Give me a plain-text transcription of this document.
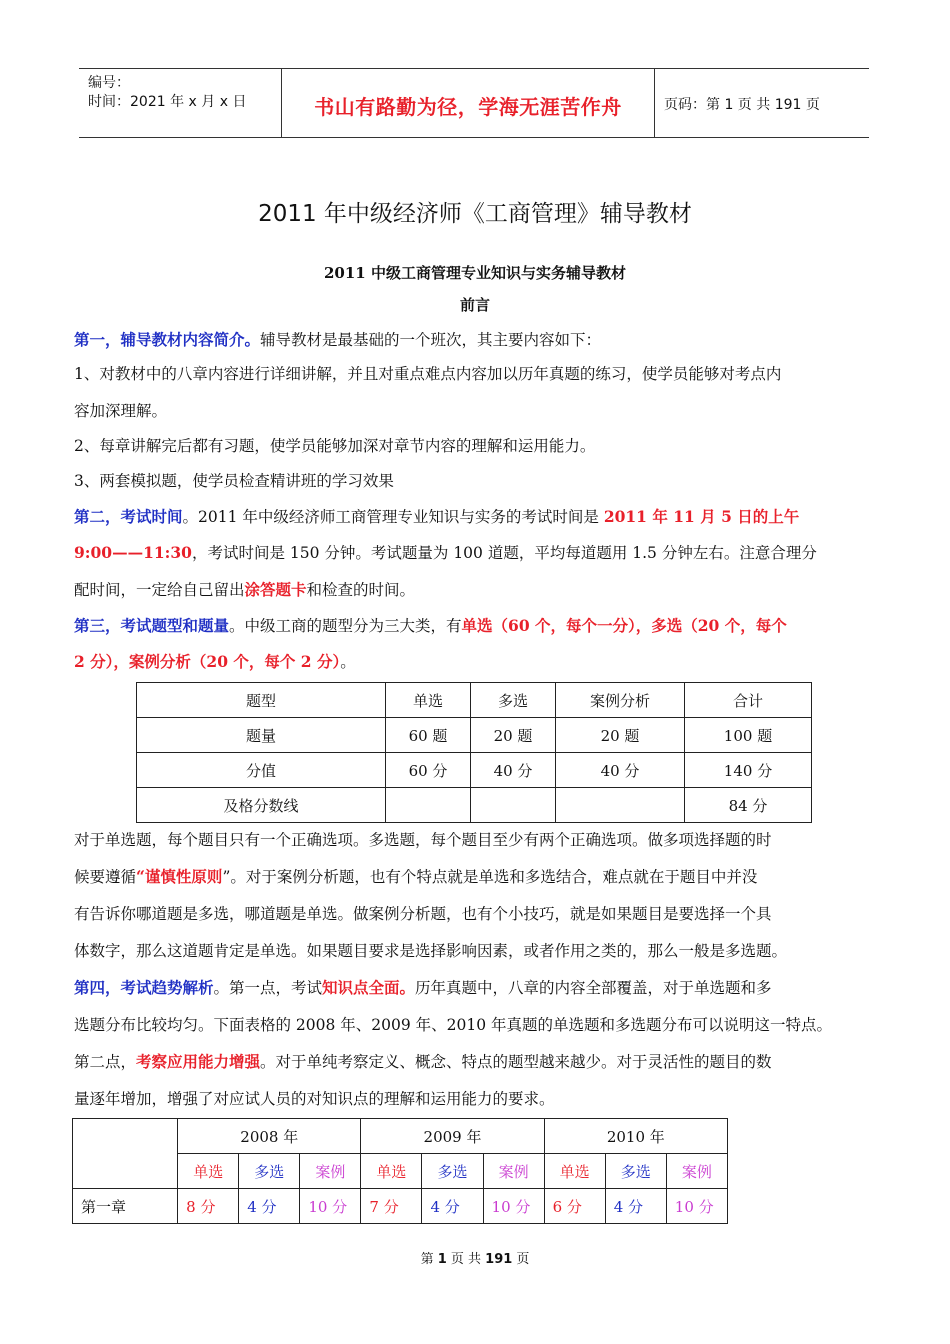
编号：
时间：2021 年 x 月 x 日	书山有路勤为径，学海无涯苦作舟	页码：第 1 页 共 191 页
2011 年中级经济师《工商管理》辅导教材
2011 中级工商管理专业知识与实务辅导教材
前言
第一，辅导教材内容简介。辅导教材是最基础的一个班次，其主要内容如下：
1、对教材中的八章内容进行详细讲解，并且对重点难点内容加以历年真题的练习，使学员能够对考点内
容加深理解。
2、每章讲解完后都有习题，使学员能够加深对章节内容的理解和运用能力。
3、两套模拟题，使学员检查精讲班的学习效果
第二，考试时间。2011 年中级经济师工商管理专业知识与实务的考试时间是 2011 年 11 月 5 日的上午
9:00——11:30，考试时间是 150 分钟。考试题量为 100 道题，平均每道题用 1.5 分钟左右。注意合理分
配时间，一定给自己留出涂答题卡和检查的时间。
第三，考试题型和题量。中级工商的题型分为三大类，有单选（60 个，每个一分），多选（20 个，每个
2 分），案例分析（20 个，每个 2 分）。
题型	单选	多选	案例分析	合计
题量	60 题	20 题	20 题	100 题
分值	60 分	40 分	40 分	140 分
及格分数线				84 分
对于单选题，每个题目只有一个正确选项。多选题，每个题目至少有两个正确选项。做多项选择题的时
候要遵循“谨慎性原则”。对于案例分析题，也有个特点就是单选和多选结合，难点就在于题目中并没
有告诉你哪道题是多选，哪道题是单选。做案例分析题，也有个小技巧，就是如果题目是要选择一个具
体数字，那么这道题肯定是单选。如果题目要求是选择影响因素，或者作用之类的，那么一般是多选题。
第四，考试趋势解析。第一点，考试知识点全面。历年真题中，八章的内容全部覆盖，对于单选题和多
选题分布比较均匀。下面表格的 2008 年、2009 年、2010 年真题的单选题和多选题分布可以说明这一特点。
第二点，考察应用能力增强。对于单纯考察定义、概念、特点的题型越来越少。对于灵活性的题目的数
量逐年增加，增强了对应试人员的对知识点的理解和运用能力的要求。
	2008 年			2009 年			2010 年		
	单选	多选	案例	单选	多选	案例	单选	多选	案例
第一章	8 分	4 分	10 分	7 分	4 分	10 分	6 分	4 分	10 分
第 1 页 共 191 页
